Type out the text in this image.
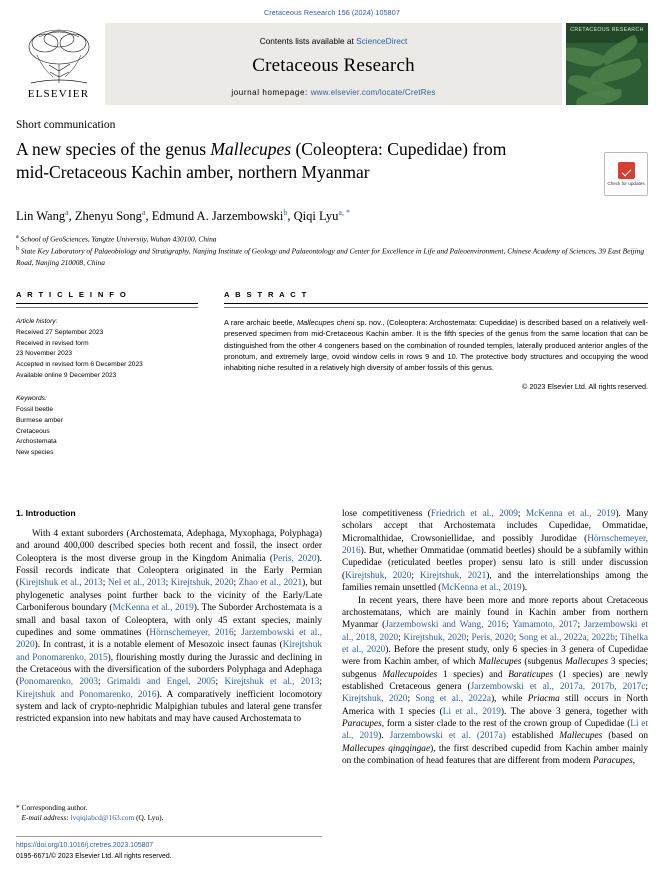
Cretaceous Research 156 (2024) 105807
ELSEVIER
Contents lists available at ScienceDirect
Cretaceous Research
journal homepage: www.elsevier.com/locate/CretRes
CRETACEOUS RESEARCH
Short communication
A new species of the genus Mallecupes (Coleoptera: Cupedidae) from
mid-Cretaceous Kachin amber, northern Myanmar
Check for updates
Lin Wang$^a$, Zhenyu Song$^a$, Edmund A. Jarzembowski$^b$, Qiqi Lyu$^{a, *}$
$^a$ School of GeoSciences, Yangtze University, Wuhan 430100, China
$^b$ State Key Laboratory of Palaeobiology and Stratigraphy, Nanjing Institute of Geology and Palaeontology and Center for Excellence in Life and Paleoenvironment, Chinese Academy of Sciences, 39 East Beijing Road, Nanjing 210008, China
A R T I C L E I N F O
Article history:
Received 27 September 2023
Received in revised form
23 November 2023
Accepted in revised form 6 December 2023
Available online 9 December 2023
Keywords:
Fossil beetle
Burmese amber
Cretaceous
Archostemata
New species
A B S T R A C T
A rare archaic beetle, Mallecupes cheni sp. nov., (Coleoptera: Archostemata: Cupedidae) is described based on a relatively well-preserved specimen from mid-Cretaceous Kachin amber. It is the fifth species of the genus from the same location that can be distinguished from the other 4 congeners based on the combination of rounded temples, laterally produced anterior angles of the pronotum, and extremely large, ovoid window cells in rows 9 and 10. The protective body structures and occupying the wood inhabiting niche resulted in a relatively high diversity of amber fossils of this genus.
© 2023 Elsevier Ltd. All rights reserved.
1. Introduction
With 4 extant suborders (Archostemata, Adephaga, Myxophaga, Polyphaga) and around 400,000 described species both recent and fossil, the insect order Coleoptera is the most diverse group in the Kingdom Animalia (Peris, 2020). Fossil records indicate that Coleoptera originated in the Early Permian (Kirejtshuk et al., 2013; Nel et al., 2013; Kirejtshuk, 2020; Zhao et al., 2021), but phylogenetic analyses point further back to the vicinity of the Early/Late Carboniferous boundary (McKenna et al., 2019). The Suborder Archostemata is a small and basal taxon of Coleoptera, with only 45 extant species, mainly cupedines and some ommatines (Hörnschemeyer, 2016; Jarzembowski et al., 2020). In contrast, it is a notable element of Mesozoic insect faunas (Kirejtshuk and Ponomarenko, 2015), flourishing mostly during the Jurassic and declining in the Cretaceous with the diversification of the suborders Polyphaga and Adephaga (Ponomarenko, 2003; Grimaldi and Engel, 2005; Kirejtshuk et al., 2013; Kirejtshuk and Ponomarenko, 2016). A comparatively inefficient locomotory system and lack of crypto-nephridic Malpighian tubules and lateral gene transfer restricted expansion into new habitats and may have caused Archostemata to
lose competitiveness (Friedrich et al., 2009; McKenna et al., 2019). Many scholars accept that Archostemata includes Cupedidae, Ommatidae, Micromalthidae, Crowsoniellidae, and possibly Jurodidae (Hörnschemeyer, 2016). But, whether Ommatidae (ommatid beetles) should be a subfamily within Cupedidae (reticulated beetles proper) sensu lato is still under discussion (Kirejtshuk, 2020; Kirejtshuk, 2021), and the interrelationships among the families remain unsettled (McKenna et al., 2019).
In recent years, there have been more and more reports about Cretaceous archostematans, which are mainly found in Kachin amber from northern Myanmar (Jarzembowski and Wang, 2016; Yamamoto, 2017; Jarzembowski et al., 2018, 2020; Kirejtshuk, 2020; Peris, 2020; Song et al., 2022a, 2022b; Tihelka et al., 2020). Before the present study, only 6 species in 3 genera of Cupedidae were from Kachin amber, of which Mallecupes (subgenus Mallecupes 3 species; subgenus Mallecupoides 1 species) and Baraticupes (1 species) are newly established Cretaceous genera (Jarzembowski et al., 2017a, 2017b, 2017c; Kirejtshuk, 2020; Song et al., 2022a), while Priacma still occurs in North America with 1 species (Li et al., 2019). The above 3 genera, together with Paracupes, form a sister clade to the rest of the crown group of Cupedidae (Li et al., 2019). Jarzembowski et al. (2017a) established Mallecupes (based on Mallecupes qingqingae), the first described cupedid from Kachin amber mainly on the combination of head features that are different from modern Paracupes,
* Corresponding author.
E-mail address: lvqiqiabcd@163.com (Q. Lyu).
https://doi.org/10.1016/j.cretres.2023.105807
0195-6671/© 2023 Elsevier Ltd. All rights reserved.
